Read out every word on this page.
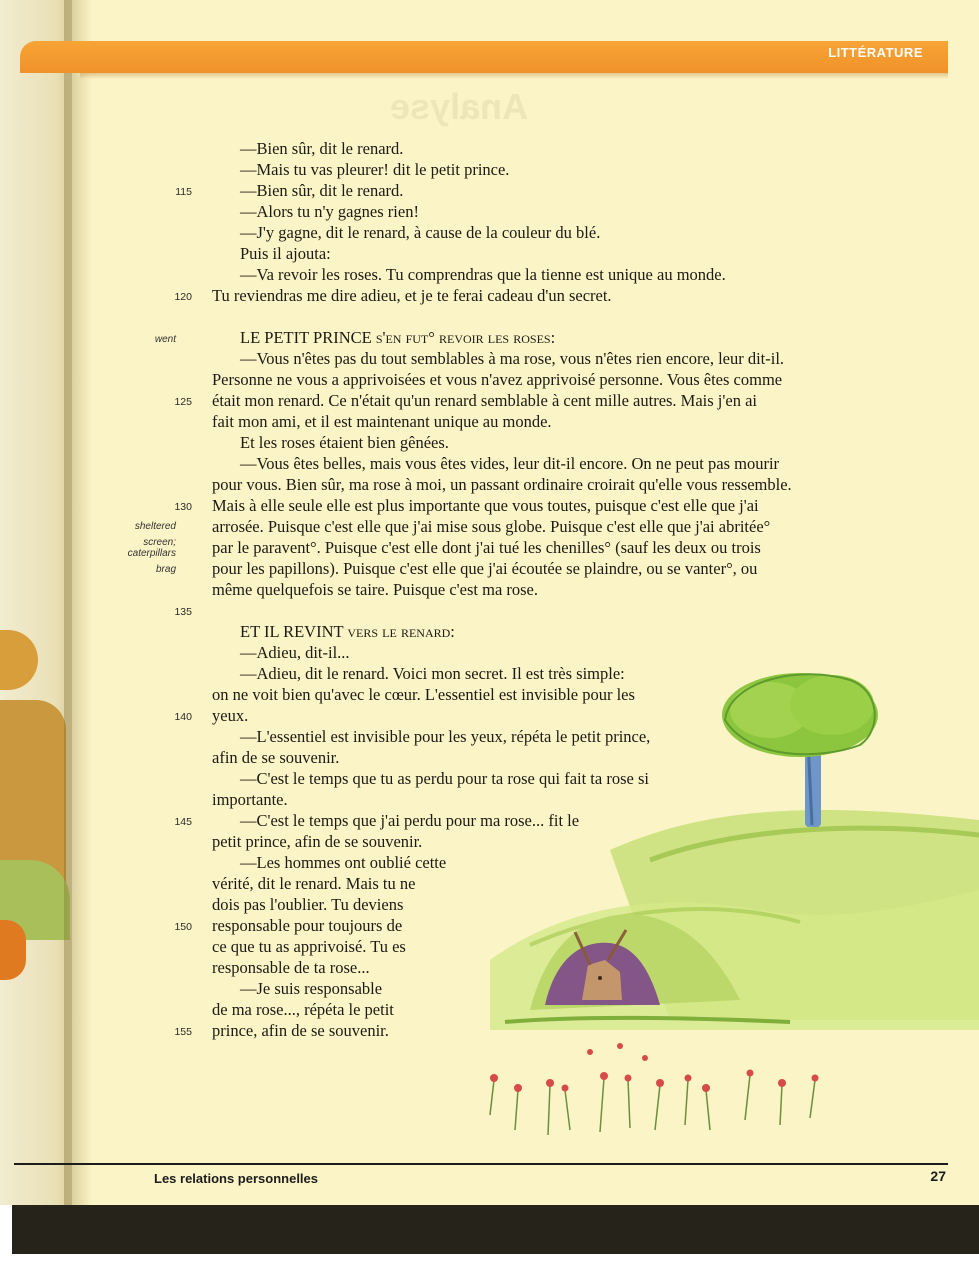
LITTÉRATURE
Analyse
—Bien sûr, dit le renard.
—Mais tu vas pleurer! dit le petit prince.
—Bien sûr, dit le renard.
—Alors tu n'y gagnes rien!
—J'y gagne, dit le renard, à cause de la couleur du blé.
Puis il ajouta:
—Va revoir les roses. Tu comprendras que la tienne est unique au monde.
Tu reviendras me dire adieu, et je te ferai cadeau d'un secret.
LE PETIT PRINCE s'en fut° revoir les roses:
—Vous n'êtes pas du tout semblables à ma rose, vous n'êtes rien encore, leur dit-il.
Personne ne vous a apprivoisées et vous n'avez apprivoisé personne. Vous êtes comme
était mon renard. Ce n'était qu'un renard semblable à cent mille autres. Mais j'en ai
fait mon ami, et il est maintenant unique au monde.
Et les roses étaient bien gênées.
—Vous êtes belles, mais vous êtes vides, leur dit-il encore. On ne peut pas mourir
pour vous. Bien sûr, ma rose à moi, un passant ordinaire croirait qu'elle vous ressemble.
Mais à elle seule elle est plus importante que vous toutes, puisque c'est elle que j'ai
arrosée. Puisque c'est elle que j'ai mise sous globe. Puisque c'est elle que j'ai abritée°
par le paravent°. Puisque c'est elle dont j'ai tué les chenilles° (sauf les deux ou trois
pour les papillons). Puisque c'est elle que j'ai écoutée se plaindre, ou se vanter°, ou
même quelquefois se taire. Puisque c'est ma rose.
ET IL REVINT vers le renard:
—Adieu, dit-il...
—Adieu, dit le renard. Voici mon secret. Il est très simple:
on ne voit bien qu'avec le cœur. L'essentiel est invisible pour les
yeux.
—L'essentiel est invisible pour les yeux, répéta le petit prince,
afin de se souvenir.
—C'est le temps que tu as perdu pour ta rose qui fait ta rose si
importante.
—C'est le temps que j'ai perdu pour ma rose... fit le
petit prince, afin de se souvenir.
—Les hommes ont oublié cette
vérité, dit le renard. Mais tu ne
dois pas l'oublier. Tu deviens
responsable pour toujours de
ce que tu as apprivoisé. Tu es
responsable de ta rose...
—Je suis responsable
de ma rose..., répéta le petit
prince, afin de se souvenir.
115
120
125
130
135
140
145
150
155
went
sheltered
screen;
caterpillars
brag
Les relations personnelles	27
